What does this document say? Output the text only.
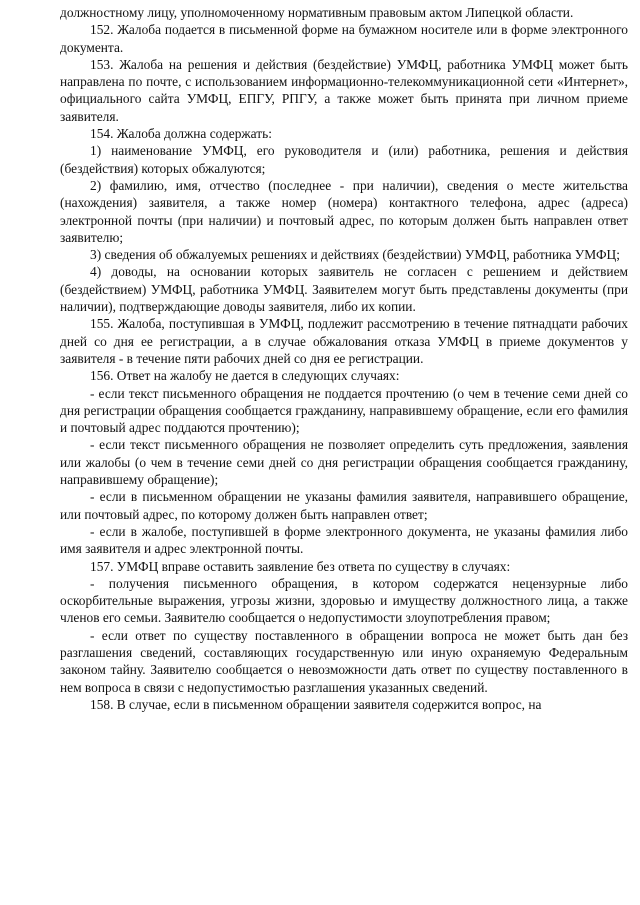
должностному лицу, уполномоченному нормативным правовым актом Липецкой области.

152. Жалоба подается в письменной форме на бумажном носителе или в форме электронного документа.

153. Жалоба на решения и действия (бездействие) УМФЦ, работника УМФЦ может быть направлена по почте, с использованием информационно-телекоммуникационной сети «Интернет», официального сайта УМФЦ, ЕПГУ, РПГУ, а также может быть принята при личном приеме заявителя.

154. Жалоба должна содержать:

1) наименование УМФЦ, его руководителя и (или) работника, решения и действия (бездействия) которых обжалуются;

2) фамилию, имя, отчество (последнее - при наличии), сведения о месте жительства (нахождения) заявителя, а также номер (номера) контактного телефона, адрес (адреса) электронной почты (при наличии) и почтовый адрес, по которым должен быть направлен ответ заявителю;

3) сведения об обжалуемых решениях и действиях (бездействии) УМФЦ, работника УМФЦ;

4) доводы, на основании которых заявитель не согласен с решением и действием (бездействием) УМФЦ, работника УМФЦ. Заявителем могут быть представлены документы (при наличии), подтверждающие доводы заявителя, либо их копии.

155. Жалоба, поступившая в УМФЦ, подлежит рассмотрению в течение пятнадцати рабочих дней со дня ее регистрации, а в случае обжалования отказа УМФЦ в приеме документов у заявителя - в течение пяти рабочих дней со дня ее регистрации.

156. Ответ на жалобу не дается в следующих случаях:

- если текст письменного обращения не поддается прочтению (о чем в течение семи дней со дня регистрации обращения сообщается гражданину, направившему обращение, если его фамилия и почтовый адрес поддаются прочтению);

- если текст письменного обращения не позволяет определить суть предложения, заявления или жалобы (о чем в течение семи дней со дня регистрации обращения сообщается гражданину, направившему обращение);

- если в письменном обращении не указаны фамилия заявителя, направившего обращение, или почтовый адрес, по которому должен быть направлен ответ;

- если в жалобе, поступившей в форме электронного документа, не указаны фамилия либо имя заявителя и адрес электронной почты.

157. УМФЦ вправе оставить заявление без ответа по существу в случаях:

- получения письменного обращения, в котором содержатся нецензурные либо оскорбительные выражения, угрозы жизни, здоровью и имуществу должностного лица, а также членов его семьи. Заявителю сообщается о недопустимости злоупотребления правом;

- если ответ по существу поставленного в обращении вопроса не может быть дан без разглашения сведений, составляющих государственную или иную охраняемую Федеральным законом тайну. Заявителю сообщается о невозможности дать ответ по существу поставленного в нем вопроса в связи с недопустимостью разглашения указанных сведений.

158. В случае, если в письменном обращении заявителя содержится вопрос, на
